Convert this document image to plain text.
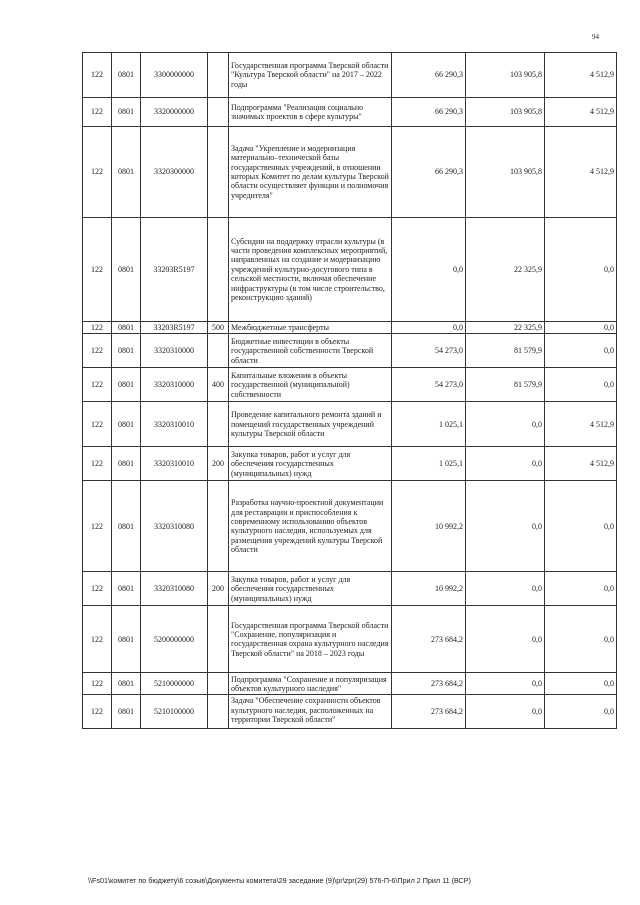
94
122	0801	3300000000		Государственная программа Тверской области "Культура Тверской области" на 2017 – 2022 годы	66 290,3	103 905,8	4 512,9
122	0801	3320000000		Подпрограмма "Реализация социально значимых проектов в сфере культуры"	66 290,3	103 905,8	4 512,9
122	0801	3320300000		Задача "Укрепление и модернизация материально–технической базы государственных учреждений, в отношении которых Комитет по делам культуры Тверской области осуществляет функции и полномочия учредителя"	66 290,3	103 905,8	4 512,9
122	0801	33203R5197		Субсидии на поддержку отрасли культуры (в части проведения комплексных мероприятий, направленных на создание и модернизацию учреждений культурно-досугового типа в сельской местности, включая обеспечение инфраструктуры (в том числе строительство, реконструкцию зданий)	0,0	22 325,9	0,0
122	0801	33203R5197	500	Межбюджетные трансферты	0,0	22 325,9	0,0
122	0801	3320310000		Бюджетные инвестиции в объекты государственной собственности Тверской области	54 273,0	81 579,9	0,0
122	0801	3320310000	400	Капитальные вложения в объекты государственной (муниципальной) собственности	54 273,0	81 579,9	0,0
122	0801	3320310010		Проведение капитального ремонта зданий и помещений государственных учреждений культуры Тверской области	1 025,1	0,0	4 512,9
122	0801	3320310010	200	Закупка товаров, работ и услуг для обеспечения государственных (муниципальных) нужд	1 025,1	0,0	4 512,9
122	0801	3320310080		Разработка научно-проектной документации для реставрации и приспособления к современному использованию объектов культурного наследия, используемых для размещения учреждений культуры Тверской области	10 992,2	0,0	0,0
122	0801	3320310080	200	Закупка товаров, работ и услуг для обеспечения государственных (муниципальных) нужд	10 992,2	0,0	0,0
122	0801	5200000000		Государственная программа Тверской области "Сохранение, популяризация и государственная охрана культурного наследия Тверской области" на 2018 – 2023 годы	273 684,2	0,0	0,0
122	0801	5210000000		Подпрограмма "Сохранение и популяризация объектов культурного наследия"	273 684,2	0,0	0,0
122	0801	5210100000		Задача "Обеспечение сохранности объектов культурного наследия, расположенных на территории Тверской области"	273 684,2	0,0	0,0
\\Fs01\комитет по бюджету\6 созыв\Документы комитета\29 заседание (9)\pr\zpr(29) 576-П-6\Прил 2 Прил 11 (ВСР)
